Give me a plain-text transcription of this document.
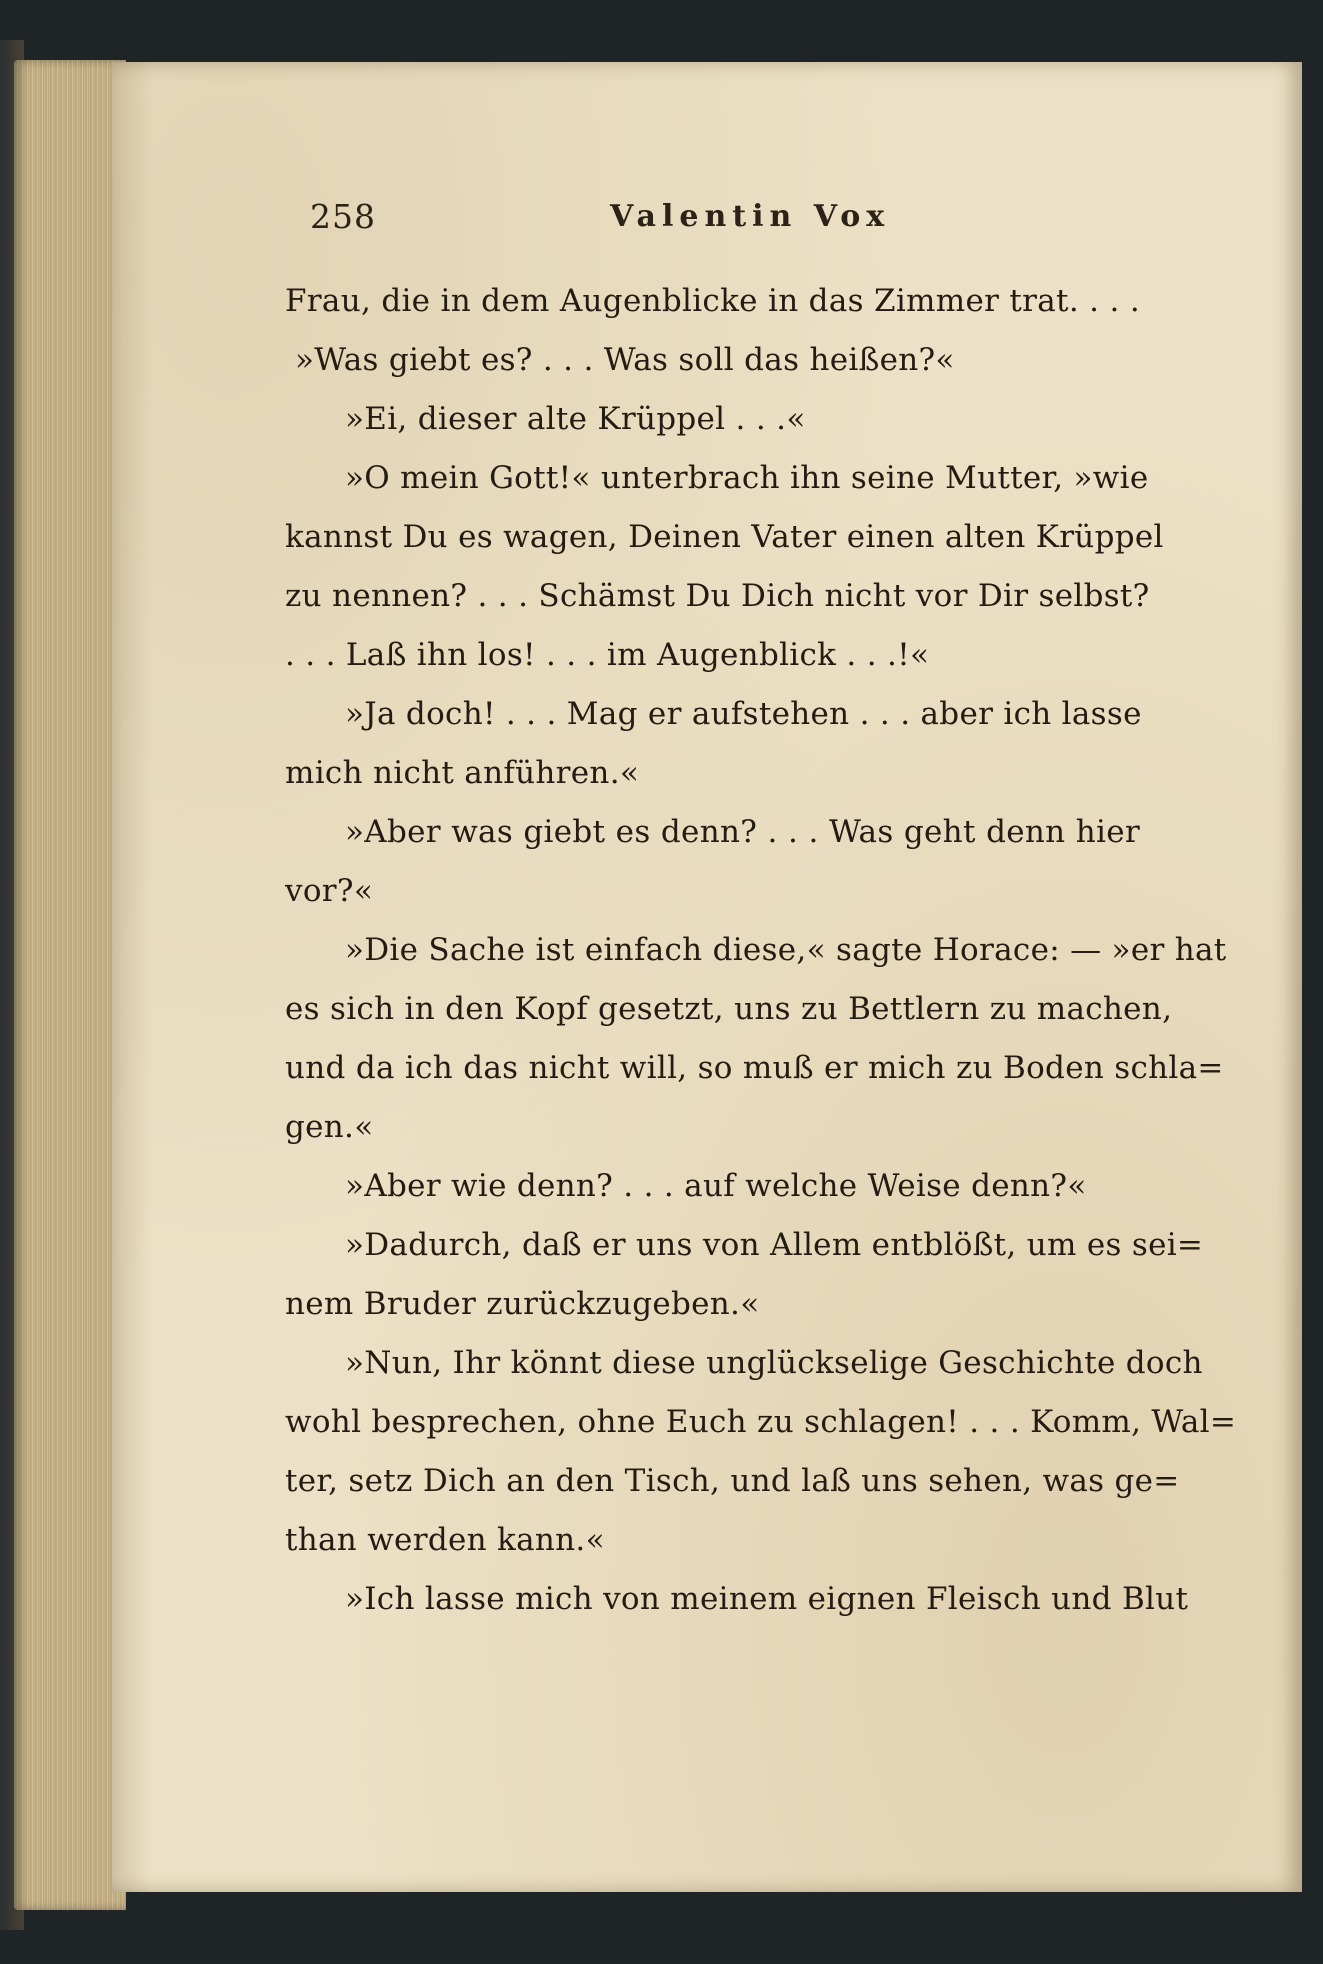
258	Valentin Vox
Frau, die in dem Augenblicke in das Zimmer trat. . . .
»Was giebt es? . . . Was soll das heißen?«
»Ei, dieser alte Krüppel . . .«
»O mein Gott!« unterbrach ihn seine Mutter, »wie
kannst Du es wagen, Deinen Vater einen alten Krüppel
zu nennen? . . . Schämst Du Dich nicht vor Dir selbst?
. . . Laß ihn los! . . . im Augenblick . . .!«
»Ja doch! . . . Mag er aufstehen . . . aber ich lasse
mich nicht anführen.«
»Aber was giebt es denn? . . . Was geht denn hier
vor?«
»Die Sache ist einfach diese,« sagte Horace: — »er hat
es sich in den Kopf gesetzt, uns zu Bettlern zu machen,
und da ich das nicht will, so muß er mich zu Boden schla=
gen.«
»Aber wie denn? . . . auf welche Weise denn?«
»Dadurch, daß er uns von Allem entblößt, um es sei=
nem Bruder zurückzugeben.«
»Nun, Ihr könnt diese unglückselige Geschichte doch
wohl besprechen, ohne Euch zu schlagen! . . . Komm, Wal=
ter, setz Dich an den Tisch, und laß uns sehen, was ge=
than werden kann.«
»Ich lasse mich von meinem eignen Fleisch und Blut
